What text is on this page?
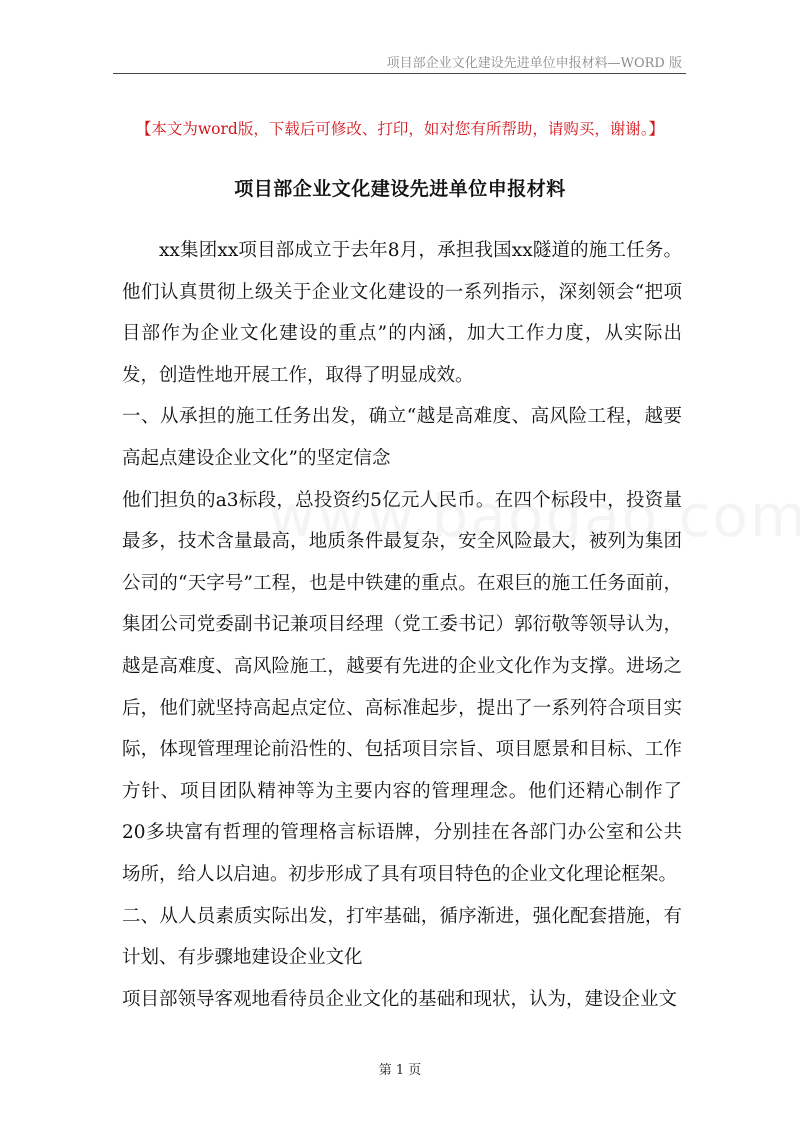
项目部企业文化建设先进单位申报材料—WORD 版
【本文为word版，下载后可修改、打印，如对您有所帮助，请购买，谢谢。】
项目部企业文化建设先进单位申报材料

xx集团xx项目部成立于去年8月，承担我国xx隧道的施工任务。他们认真贯彻上级关于企业文化建设的一系列指示，深刻领会“把项目部作为企业文化建设的重点”的内涵，加大工作力度，从实际出发，创造性地开展工作，取得了明显成效。

一、从承担的施工任务出发，确立“越是高难度、高风险工程，越要高起点建设企业文化”的坚定信念

他们担负的a3标段，总投资约5亿元人民币。在四个标段中，投资量最多，技术含量最高，地质条件最复杂，安全风险最大，被列为集团公司的“天字号”工程，也是中铁建的重点。在艰巨的施工任务面前，集团公司党委副书记兼项目经理（党工委书记）郭衍敬等领导认为，越是高难度、高风险施工，越要有先进的企业文化作为支撑。进场之后，他们就坚持高起点定位、高标准起步，提出了一系列符合项目实际，体现管理理论前沿性的、包括项目宗旨、项目愿景和目标、工作方针、项目团队精神等为主要内容的管理理念。他们还精心制作了20多块富有哲理的管理格言标语牌，分别挂在各部门办公室和公共场所，给人以启迪。初步形成了具有项目特色的企业文化理论框架。

二、从人员素质实际出发，打牢基础，循序渐进，强化配套措施，有计划、有步骤地建设企业文化

项目部领导客观地看待员企业文化的基础和现状，认为，建设企业文

第 1 页
